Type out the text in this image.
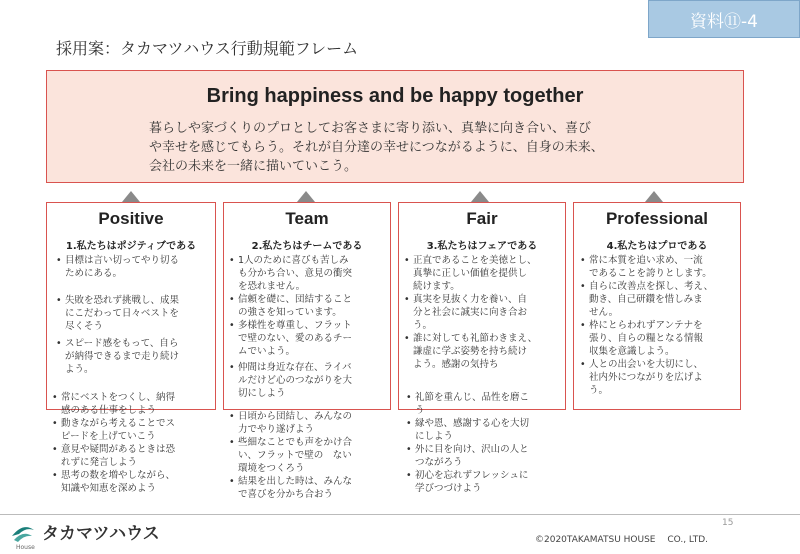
資料⑪-4
採用案：タカマツハウス行動規範フレーム
Bring happiness and be happy together
暮らしや家づくりのプロとしてお客さまに寄り添い、真摯に向き合い、喜び
や幸せを感じてもらう。それが自分達の幸せにつながるように、自身の未来、
会社の未来を一緒に描いていこう。
Positive
1.私たちはポジティブである
• 目標は言い切ってやり切る
ためにある。
• 失敗を恐れず挑戦し、成果
にこだわって日々ベストを
尽くそう
• スピード感をもって、自ら
が納得できるまで走り続け
よう。
• 常にベストをつくし、納得
感のある仕事をしよう
• 動きながら考えることでス
ピードを上げていこう
• 意見や疑問があるときは恐
れずに発言しよう
• 思考の数を増やしながら、
知識や知恵を深めよう
Team
2.私たちはチームである
• 1人のために喜びも苦しみ
も分かち合い、意見の衝突
を恐れません。
• 信頼を礎に、団結すること
の強さを知っています。
• 多様性を尊重し、フラット
で壁のない、愛のあるチー
ムでいよう。
• 仲間は身近な存在、ライバ
ルだけど心のつながりを大
切にしよう
• 日頃から団結し、みんなの
力でやり遂げよう
• 些細なことでも声をかけ合
い、フラットで壁の　ない
環境をつくろう
• 結果を出した時は、みんな
で喜びを分かち合おう
Fair
3.私たちはフェアである
• 正直であることを美徳とし、
真摯に正しい価値を提供し
続けます。
• 真実を見抜く力を養い、自
分と社会に誠実に向き合お
う。
• 誰に対しても礼節わきまえ、
謙虚に学ぶ姿勢を持ち続け
よう。感謝の気持ち
• 礼節を重んじ、品性を磨こ
う
• 縁や恩、感謝する心を大切
にしよう
• 外に目を向け、沢山の人と
つながろう
• 初心を忘れずフレッシュに
学びつづけよう
Professional
4.私たちはプロである
• 常に本質を追い求め、一流
であることを誇りとします。
• 自らに改善点を探し、考え、
動き、自己研鑽を惜しみま
せん。
• 枠にとらわれずアンテナを
張り、自らの糧となる情報
収集を意識しよう。
• 人との出会いを大切にし、
社内外につながりを広げよ
う。
タカマツハウス
House
©2020TAKAMATSU HOUSE　 CO., LTD.
15
